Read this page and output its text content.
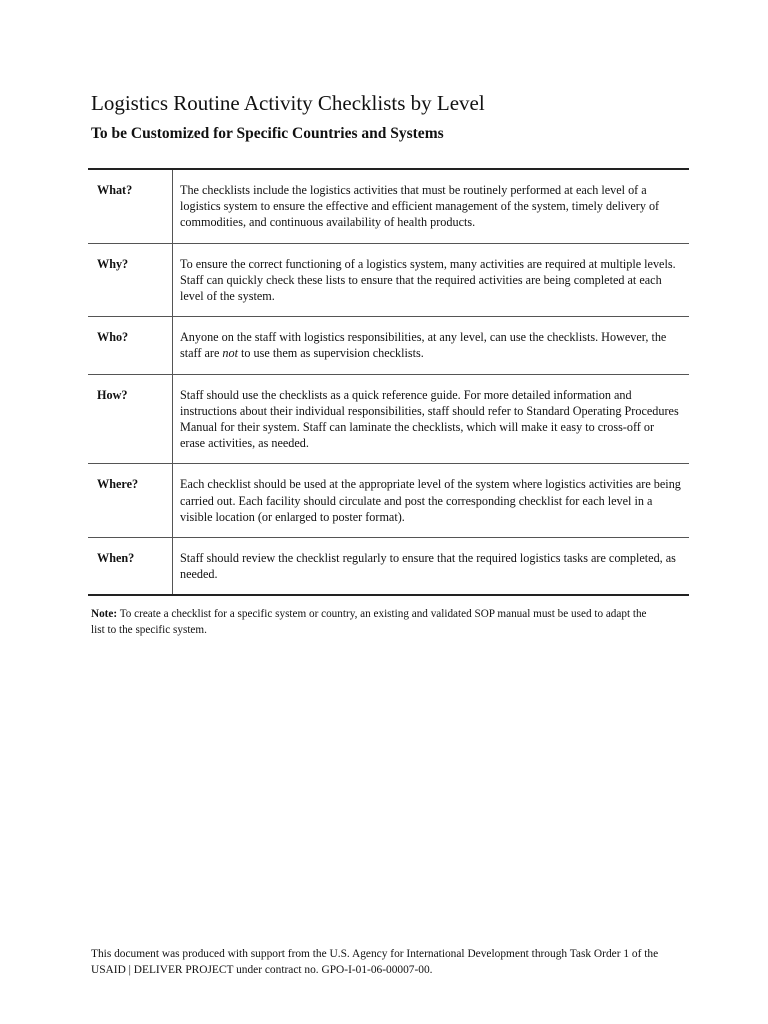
Logistics Routine Activity Checklists by Level
To be Customized for Specific Countries and Systems
What?	The checklists include the logistics activities that must be routinely performed at each level of a logistics system to ensure the effective and efficient management of the system, timely delivery of commodities, and continuous availability of health products.
Why?	To ensure the correct functioning of a logistics system, many activities are required at multiple levels. Staff can quickly check these lists to ensure that the required activities are being completed at each level of the system.
Who?	Anyone on the staff with logistics responsibilities, at any level, can use the checklists. However, the staff are not to use them as supervision checklists.
How?	Staff should use the checklists as a quick reference guide. For more detailed information and instructions about their individual responsibilities, staff should refer to Standard Operating Procedures Manual for their system. Staff can laminate the checklists, which will make it easy to cross-off or erase activities, as needed.
Where?	Each checklist should be used at the appropriate level of the system where logistics activities are being carried out. Each facility should circulate and post the corresponding checklist for each level in a visible location (or enlarged to poster format).
When?	Staff should review the checklist regularly to ensure that the required logistics tasks are completed, as needed.

Note: To create a checklist for a specific system or country, an existing and validated SOP manual must be used to adapt the list to the specific system.

This document was produced with support from the U.S. Agency for International Development through Task Order 1 of the USAID | DELIVER PROJECT under contract no. GPO-I-01-06-00007-00.
